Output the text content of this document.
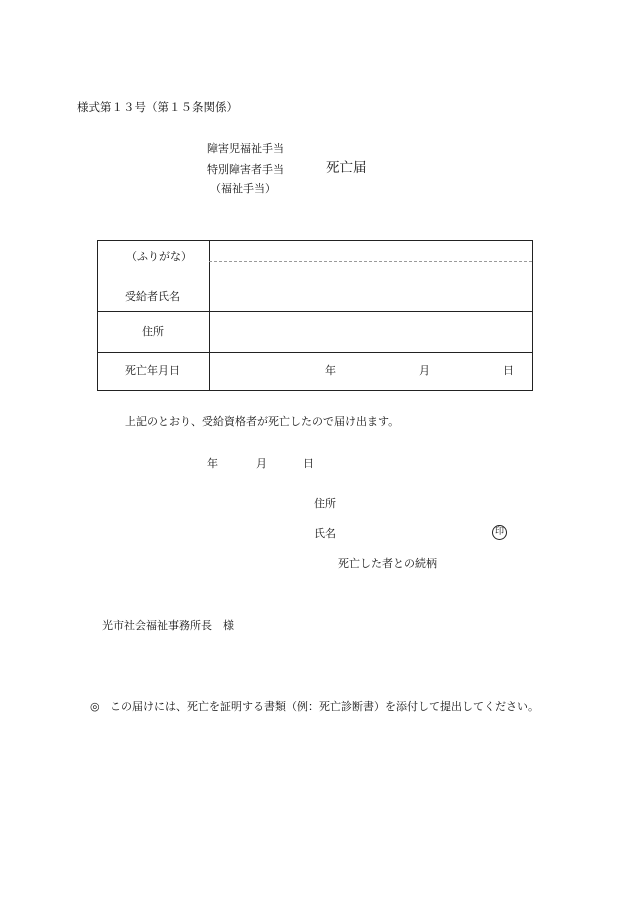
様式第１３号（第１５条関係）
障害児福祉手当
特別障害者手当
（福祉手当）
死亡届
（ふりがな）
受給者氏名
住所
死亡年月日	年	月	日
上記のとおり、受給資格者が死亡したので届け出ます。
年	月	日
住所
氏名	印
死亡した者との続柄
光市社会福祉事務所長　様
◎ この届けには、死亡を証明する書類（例：死亡診断書）を添付して提出してください。
